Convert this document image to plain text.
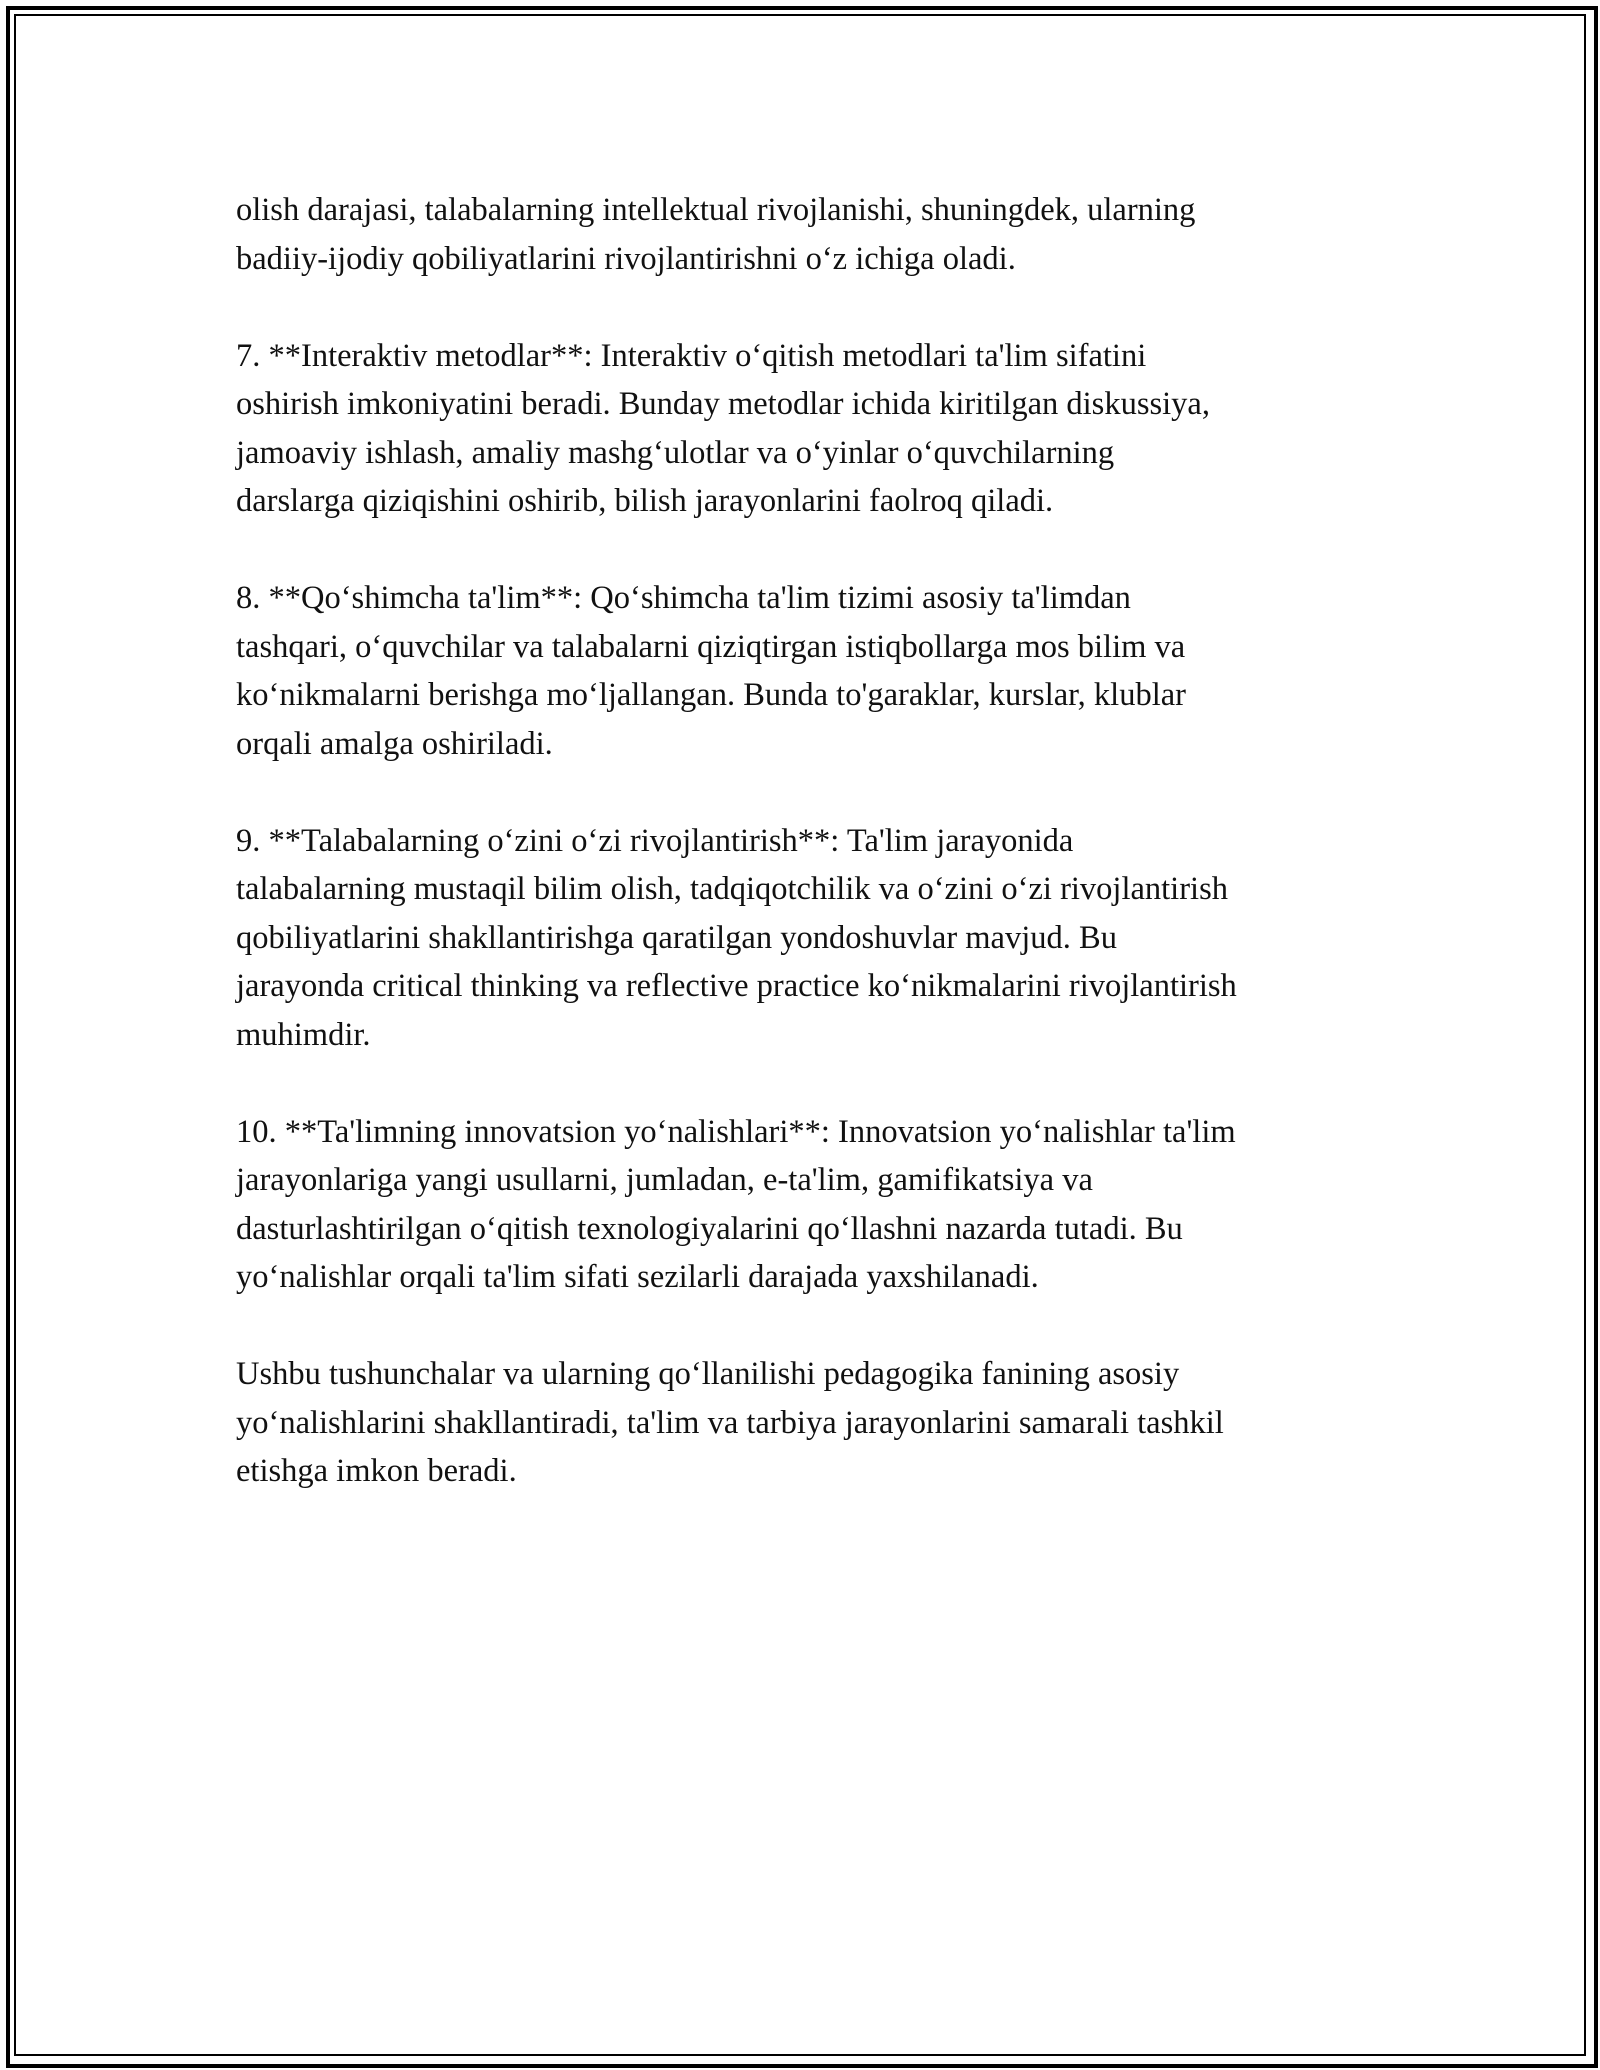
olish darajasi, talabalarning intellektual rivojlanishi, shuningdek, ularning
badiiy-ijodiy qobiliyatlarini rivojlantirishni o‘z ichiga oladi.

7. **Interaktiv metodlar**: Interaktiv o‘qitish metodlari ta'lim sifatini
oshirish imkoniyatini beradi. Bunday metodlar ichida kiritilgan diskussiya,
jamoaviy ishlash, amaliy mashg‘ulotlar va o‘yinlar o‘quvchilarning
darslarga qiziqishini oshirib, bilish jarayonlarini faolroq qiladi.

8. **Qo‘shimcha ta'lim**: Qo‘shimcha ta'lim tizimi asosiy ta'limdan
tashqari, o‘quvchilar va talabalarni qiziqtirgan istiqbollarga mos bilim va
ko‘nikmalarni berishga mo‘ljallangan. Bunda to'garaklar, kurslar, klublar
orqali amalga oshiriladi.

9. **Talabalarning o‘zini o‘zi rivojlantirish**: Ta'lim jarayonida
talabalarning mustaqil bilim olish, tadqiqotchilik va o‘zini o‘zi rivojlantirish
qobiliyatlarini shakllantirishga qaratilgan yondoshuvlar mavjud. Bu
jarayonda critical thinking va reflective practice ko‘nikmalarini rivojlantirish
muhimdir.

10. **Ta'limning innovatsion yo‘nalishlari**: Innovatsion yo‘nalishlar ta'lim
jarayonlariga yangi usullarni, jumladan, e-ta'lim, gamifikatsiya va
dasturlashtirilgan o‘qitish texnologiyalarini qo‘llashni nazarda tutadi. Bu
yo‘nalishlar orqali ta'lim sifati sezilarli darajada yaxshilanadi.

Ushbu tushunchalar va ularning qo‘llanilishi pedagogika fanining asosiy
yo‘nalishlarini shakllantiradi, ta'lim va tarbiya jarayonlarini samarali tashkil
etishga imkon beradi.
